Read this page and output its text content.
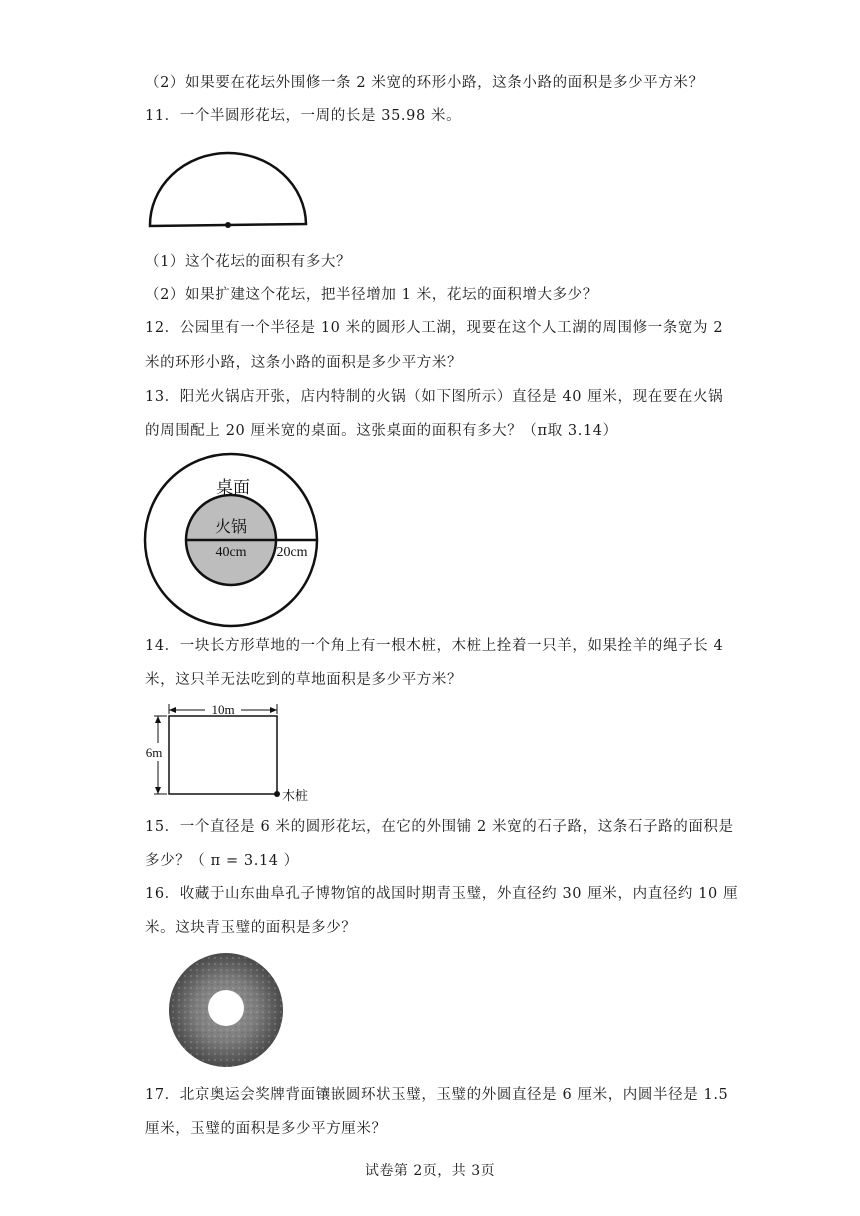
（2）如果要在花坛外围修一条 2 米宽的环形小路，这条小路的面积是多少平方米？
11．一个半圆形花坛，一周的长是 35.98 米。
（1）这个花坛的面积有多大？
（2）如果扩建这个花坛，把半径增加 1 米，花坛的面积增大多少？
12．公园里有一个半径是 10 米的圆形人工湖，现要在这个人工湖的周围修一条宽为 2
米的环形小路，这条小路的面积是多少平方米？
13．阳光火锅店开张，店内特制的火锅（如下图所示）直径是 40 厘米，现在要在火锅
的周围配上 20 厘米宽的桌面。这张桌面的面积有多大？（π取 3.14）
桌面
火锅
40cm 20cm
14．一块长方形草地的一个角上有一根木桩，木桩上拴着一只羊，如果拴羊的绳子长 4
米，这只羊无法吃到的草地面积是多少平方米？
10m
6m
木桩
15．一个直径是 6 米的圆形花坛，在它的外围铺 2 米宽的石子路，这条石子路的面积是
多少？（ π = 3.14 ）
16．收藏于山东曲阜孔子博物馆的战国时期青玉璧，外直径约 30 厘米，内直径约 10 厘
米。这块青玉璧的面积是多少？
17．北京奥运会奖牌背面镶嵌圆环状玉璧，玉璧的外圆直径是 6 厘米，内圆半径是 1.5
厘米，玉璧的面积是多少平方厘米？
试卷第 2页，共 3页
